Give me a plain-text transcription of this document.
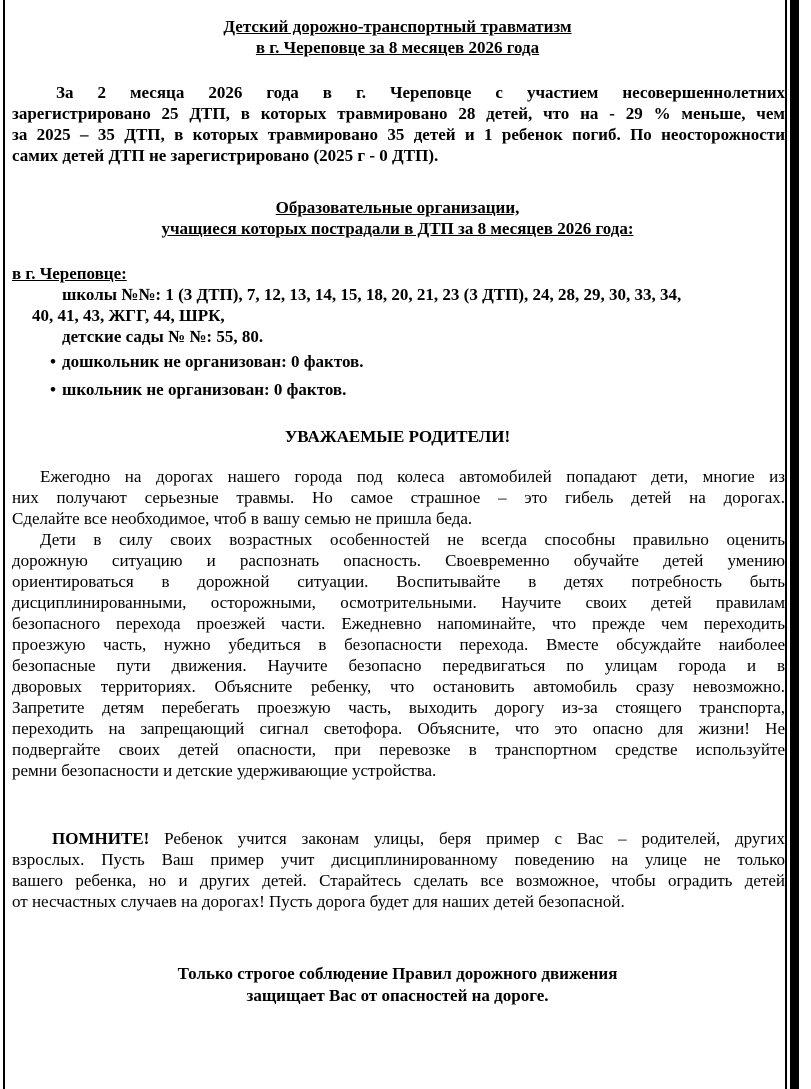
Детский дорожно-транспортный травматизм
в г. Череповце за 8 месяцев 2026 года
За 2 месяца 2026 года в г. Череповце с участием несовершеннолетних
зарегистрировано 25 ДТП, в которых травмировано 28 детей, что на - 29 % меньше, чем
за 2025 – 35 ДТП, в которых травмировано 35 детей и 1 ребенок погиб. По неосторожности
самих детей ДТП не зарегистрировано (2025 г - 0 ДТП).
Образовательные организации,
учащиеся которых пострадали в ДТП за 8 месяцев 2026 года:
в г. Череповце:
школы №№: 1 (3 ДТП), 7, 12, 13, 14, 15, 18, 20, 21, 23 (3 ДТП), 24, 28, 29, 30, 33, 34,
40, 41, 43, ЖГГ, 44, ШРК,
детские сады № №: 55, 80.
• дошкольник не организован: 0 фактов.
• школьник не организован: 0 фактов.
УВАЖАЕМЫЕ РОДИТЕЛИ!
Ежегодно на дорогах нашего города под колеса автомобилей попадают дети, многие из
них получают серьезные травмы. Но самое страшное – это гибель детей на дорогах.
Сделайте все необходимое, чтоб в вашу семью не пришла беда.
Дети в силу своих возрастных особенностей не всегда способны правильно оценить
дорожную ситуацию и распознать опасность. Своевременно обучайте детей умению
ориентироваться в дорожной ситуации. Воспитывайте в детях потребность быть
дисциплинированными, осторожными, осмотрительными. Научите своих детей правилам
безопасного перехода проезжей части. Ежедневно напоминайте, что прежде чем переходить
проезжую часть, нужно убедиться в безопасности перехода. Вместе обсуждайте наиболее
безопасные пути движения. Научите безопасно передвигаться по улицам города и в
дворовых территориях. Объясните ребенку, что остановить автомобиль сразу невозможно.
Запретите детям перебегать проезжую часть, выходить дорогу из-за стоящего транспорта,
переходить на запрещающий сигнал светофора. Объясните, что это опасно для жизни! Не
подвергайте своих детей опасности, при перевозке в транспортном средстве используйте
ремни безопасности и детские удерживающие устройства.
ПОМНИТЕ! Ребенок учится законам улицы, беря пример с Вас – родителей, других
взрослых. Пусть Ваш пример учит дисциплинированному поведению на улице не только
вашего ребенка, но и других детей. Старайтесь сделать все возможное, чтобы оградить детей
от несчастных случаев на дорогах! Пусть дорога будет для наших детей безопасной.
Только строгое соблюдение Правил дорожного движения
защищает Вас от опасностей на дороге.
